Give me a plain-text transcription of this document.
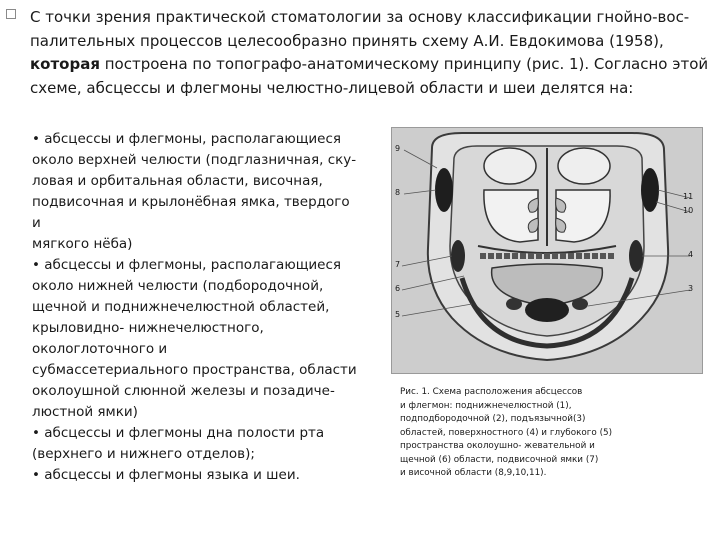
С точки зрения практической стоматологии за основу классификации гнойно-вос-палительных процессов целесообразно принять схему А.И. Евдокимова (1958), которая построена по топографо-анатомическому принципу (рис. 1). Согласно этой схеме, абсцессы и флегмоны челюстно-лицевой области и шеи делятся на:

• абсцессы и флегмоны, располагающиеся
около верхней челюсти (подглазничная, ску-
ловая и орбитальная области, височная,
подвисочная и крылонёбная ямка, твердого
и
мягкого нёба)
• абсцессы и флегмоны, располагающиеся
около нижней челюсти (подбородочной,
щечной и поднижнечелюстной областей,
крыловидно- нижнечелюстного,
окологлоточного и
субмассетериального пространства, области
околоушной слюнной железы и позадиче-
люстной ямки)
• абсцессы и флегмоны дна полости рта
(верхнего и нижнего отделов);
• абсцессы и флегмоны языка и шеи.
9
8
7
6
5
11
10
4
3
Рис. 1. Схема расположения абсцессов
и флегмон: поднижнечелюстной (1),
подподбородочной (2), подъязычной(3)
областей, поверхностного (4) и глубокого (5)
пространства околоушно- жевательной и
щечной (6) области, подвисочной ямки (7)
и височной области (8,9,10,11).
